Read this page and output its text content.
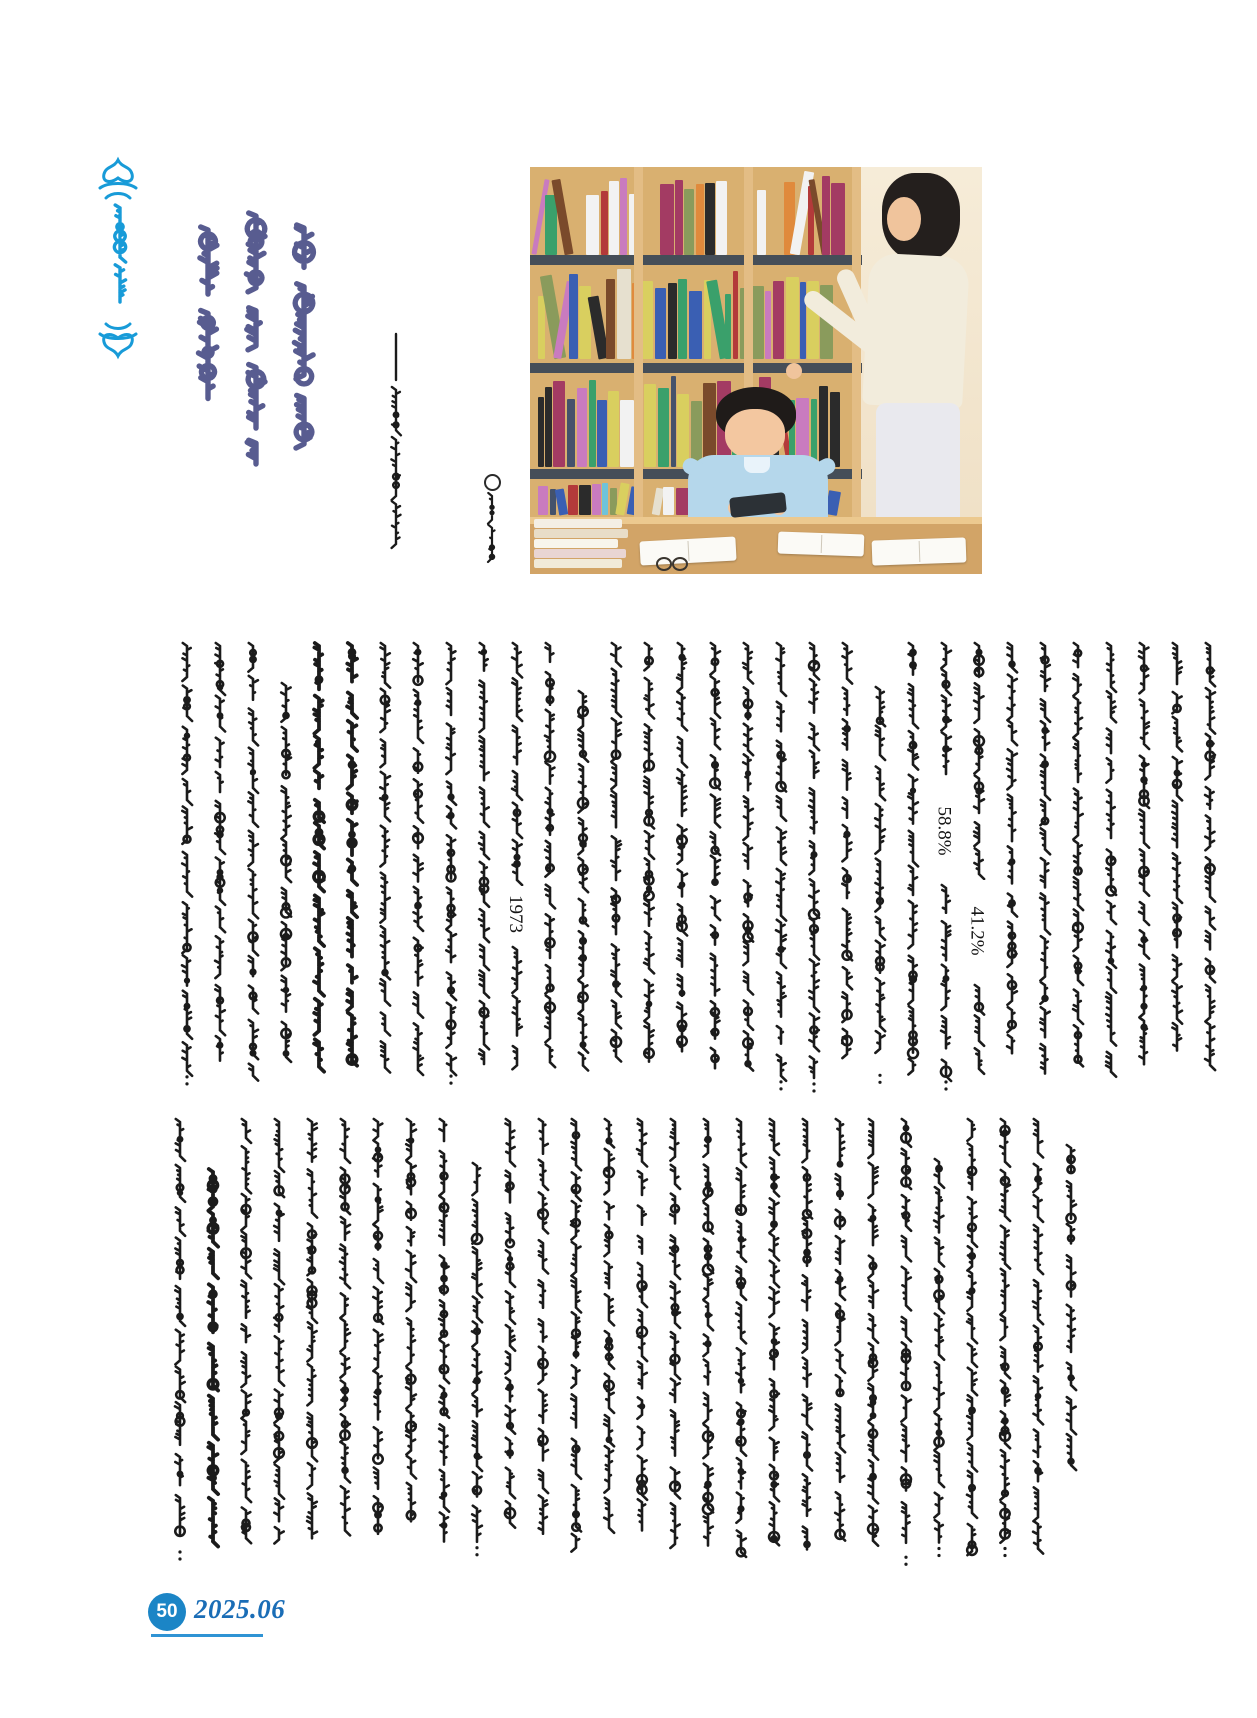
1973
58.8%
41.2%
50 2025.06
